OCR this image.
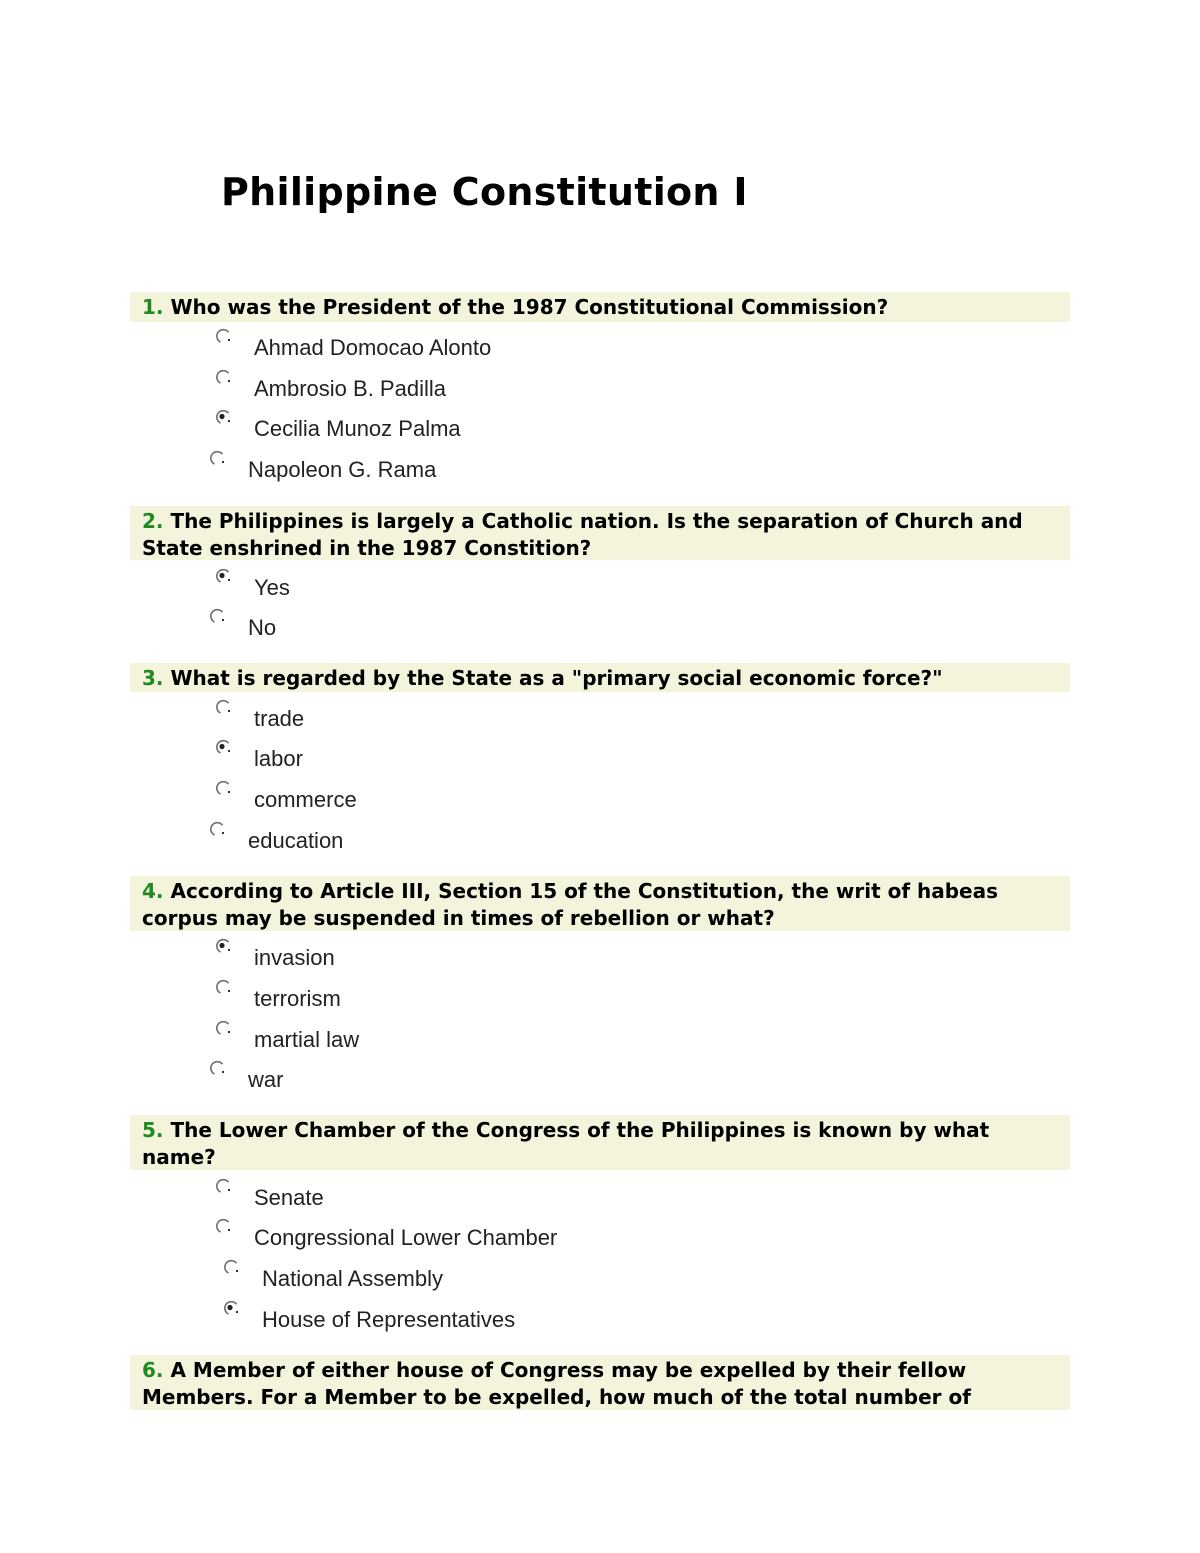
Philippine Constitution I
1. Who was the President of the 1987 Constitutional Commission?
Ahmad Domocao Alonto
Ambrosio B. Padilla
Cecilia Munoz Palma
Napoleon G. Rama
2. The Philippines is largely a Catholic nation. Is the separation of Church and State enshrined in the 1987 Constition?
Yes
No
3. What is regarded by the State as a "primary social economic force?"
trade
labor
commerce
education
4. According to Article III, Section 15 of the Constitution, the writ of habeas corpus may be suspended in times of rebellion or what?
invasion
terrorism
martial law
war
5. The Lower Chamber of the Congress of the Philippines is known by what name?
Senate
Congressional Lower Chamber
National Assembly
House of Representatives
6. A Member of either house of Congress may be expelled by their fellow Members. For a Member to be expelled, how much of the total number of
